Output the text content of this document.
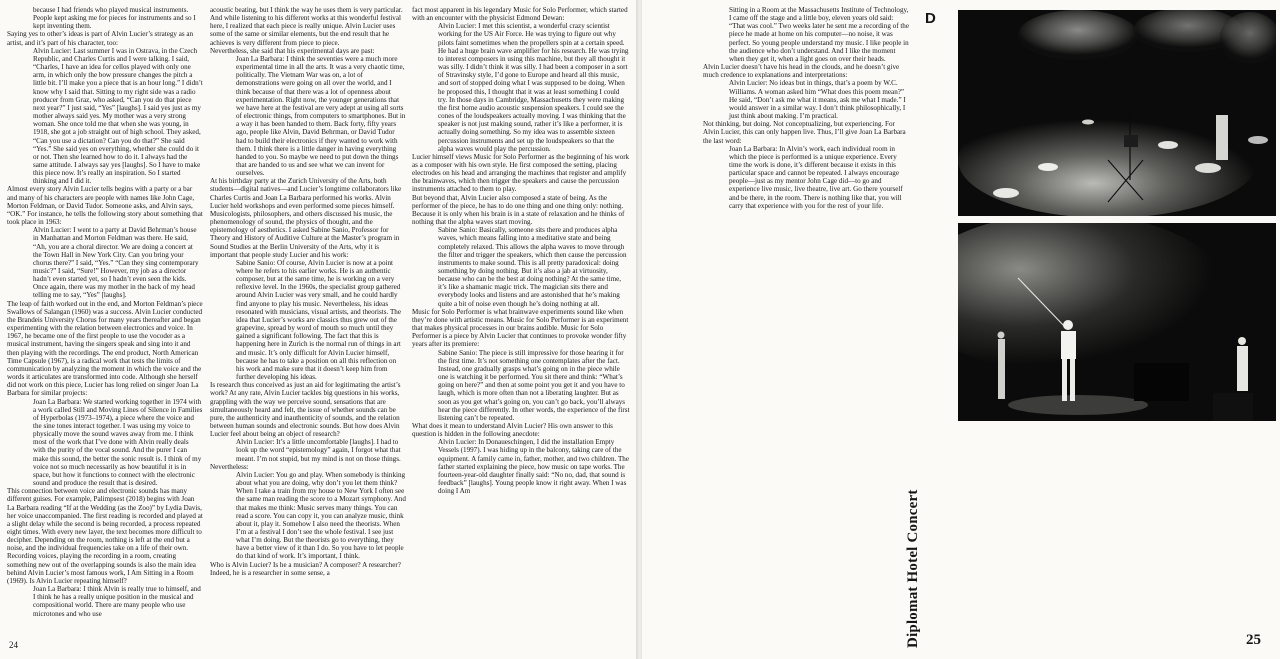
because I had friends who played musical instruments. People kept asking me for pieces for instruments and so I kept inventing them.

Saying yes to other’s ideas is part of Alvin Lucier’s strategy as an artist, and it’s part of his character, too:

Alvin Lucier: Last summer I was in Ostrava, in the Czech Republic, and Charles Curtis and I were talking. I said, “Charles, I have an idea for cellos played with only one arm, in which only the bow pressure changes the pitch a little bit. I’ll make you a piece that is an hour long.” I didn’t know why I said that. Sitting to my right side was a radio producer from Graz, who asked, “Can you do that piece next year?” I just said, “Yes” [laughs]. I said yes just as my mother always said yes. My mother was a very strong woman. She once told me that when she was young, in 1918, she got a job straight out of high school. They asked, “Can you use a dictation? Can you do that?” She said “Yes.” She said yes on everything, whether she could do it or not. Then she learned how to do it. I always had the same attitude. I always say yes [laughs]. So I have to make this piece now. It’s really an inspiration. So I started thinking and I did it.

Almost every story Alvin Lucier tells begins with a party or a bar and many of his characters are people with names like John Cage, Morton Feldman, or David Tudor. Someone asks, and Alvin says, “OK.” For instance, he tells the following story about something that took place in 1963:

Alvin Lucier: I went to a party at David Behrman’s house in Manhattan and Morton Feldman was there. He said, “Ah, you are a choral director. We are doing a concert at the Town Hall in New York City. Can you bring your chorus there?” I said, “Yes.” “Can they sing contemporary music?” I said, “Sure!” However, my job as a director hadn’t even started yet, so I hadn’t even seen the kids. Once again, there was my mother in the back of my head telling me to say, “Yes” [laughs].

The leap of faith worked out in the end, and Morton Feldman’s piece Swallows of Salangan (1960) was a success. Alvin Lucier conducted the Brandeis University Chorus for many years thereafter and began experimenting with the relation between electronics and voice. In 1967, he became one of the first people to use the vocoder as a musical instrument, having the singers speak and sing into it and then playing with the recordings. The end product, North American Time Capsule (1967), is a radical work that tests the limits of communication by analyzing the moment in which the voice and the words it articulates are transformed into code. Although she herself did not work on this piece, Lucier has long relied on singer Joan La Barbara for similar projects:

Joan La Barbara: We started working together in 1974 with a work called Still and Moving Lines of Silence in Families of Hyperbolas (1973–1974), a piece where the voice and the sine tones interact together. I was using my voice to physically move the sound waves away from me. I think most of the work that I’ve done with Alvin really deals with the purity of the vocal sound. And the purer I can make this sound, the better the sonic result is. I think of my voice not so much necessarily as how beautiful it is in space, but how it functions to connect with the electronic sound and produce the result that is desired.

This connection between voice and electronic sounds has many different guises. For example, Palimpsest (2018) begins with Joan La Barbara reading “If at the Wedding (as the Zoo)” by Lydia Davis, her voice unaccompanied. The first reading is recorded and played at a slight delay while the second is being recorded, a process repeated eight times. With every new layer, the text becomes more difficult to decipher. Depending on the room, nothing is left at the end but a noise, and the individual frequencies take on a life of their own.

Recording voices, playing the recording in a room, creating something new out of the overlapping sounds is also the main idea behind Alvin Lucier’s most famous work, I Am Sitting in a Room (1969). Is Alvin Lucier repeating himself?

Joan La Barbara: I think Alvin is really true to himself, and I think he has a really unique position in the musical and compositional world. There are many people who use microtones and who use

acoustic beating, but I think the way he uses them is very particular. And while listening to his different works at this wonderful festival here, I realized that each piece is really unique. Alvin Lucier uses some of the same or similar elements, but the end result that he achieves is very different from piece to piece.

Nevertheless, she said that his experimental days are past:

Joan La Barbara: I think the seventies were a much more experimental time in all the arts. It was a very chaotic time, politically. The Vietnam War was on, a lot of demonstrations were going on all over the world, and I think because of that there was a lot of openness about experimentation. Right now, the younger generations that we have here at the festival are very adept at using all sorts of electronic things, from computers to smartphones. But in a way it has been handed to them. Back forty, fifty years ago, people like Alvin, David Behrman, or David Tudor had to build their electronics if they wanted to work with them. I think there is a little danger in having everything handed to you. So maybe we need to put down the things that are handed to us and see what we can invent for ourselves.

At his birthday party at the Zurich University of the Arts, both students—digital natives—and Lucier’s longtime collaborators like Charles Curtis and Joan La Barbara performed his works. Alvin Lucier held workshops and even performed some pieces himself. Musicologists, philosophers, and others discussed his music, the phenomenology of sound, the physics of thought, and the epistemology of aesthetics. I asked Sabine Sanio, Professor for Theory and History of Auditive Culture at the Master’s program in Sound Studies at the Berlin University of the Arts, why it is important that people study Lucier and his work:

Sabine Sanio: Of course, Alvin Lucier is now at a point where he refers to his earlier works. He is an authentic composer, but at the same time, he is working on a very reflexive level. In the 1960s, the specialist group gathered around Alvin Lucier was very small, and he could hardly find anyone to play his music. Nevertheless, his ideas resonated with musicians, visual artists, and theorists. The idea that Lucier’s works are classics thus grew out of the grapevine, spread by word of mouth so much until they gained a significant following. The fact that this is happening here in Zurich is the normal run of things in art and music. It’s only difficult for Alvin Lucier himself, because he has to take a position on all this reflection on his work and make sure that it doesn’t keep him from further developing his ideas.

Is research thus conceived as just an aid for legitimating the artist’s work? At any rate, Alvin Lucier tackles big questions in his works, grappling with the way we perceive sound, sensations that are simultaneously heard and felt, the issue of whether sounds can be pure, the authenticity and inauthenticity of sounds, and the relation between human sounds and electronic sounds. But how does Alvin Lucier feel about being an object of research?

Alvin Lucier: It’s a little uncomfortable [laughs]. I had to look up the word “epistemology” again, I forgot what that meant. I’m not stupid, but my mind is not on those things.

Nevertheless:

Alvin Lucier: You go and play. When somebody is thinking about what you are doing, why don’t you let them think? When I take a train from my house to New York I often see the same man reading the score to a Mozart symphony. And that makes me think: Music serves many things. You can read a score. You can copy it, you can analyze music, think about it, play it. Somehow I also need the theorists. When I’m at a festival I don’t see the whole festival. I see just what I’m doing. But the theorists go to everything, they have a better view of it than I do. So you have to let people do that kind of work. It’s important, I think.

Who is Alvin Lucier? Is he a musician? A composer? A researcher? Indeed, he is a researcher in some sense, a

fact most apparent in his legendary Music for Solo Performer, which started with an encounter with the physicist Edmond Dewan:

Alvin Lucier: I met this scientist, a wonderful crazy scientist working for the US Air Force. He was trying to figure out why pilots faint sometimes when the propellers spin at a certain speed. He had a huge brain wave amplifier for his research. He was trying to interest composers in using this machine, but they all thought it was silly. I didn’t think it was silly. I had been a composer in a sort of Stravinsky style, I’d gone to Europe and heard all this music, and sort of stopped doing what I was supposed to be doing. When he proposed this, I thought that it was at least something I could try. In those days in Cambridge, Massachusetts they were making the first home audio acoustic suspension speakers. I could see the cones of the loudspeakers actually moving. I was thinking that the speaker is not just making sound, rather it’s like a performer, it is actually doing something. So my idea was to assemble sixteen percussion instruments and set up the loudspeakers so that the alpha waves would play the percussion.

Lucier himself views Music for Solo Performer as the beginning of his work as a composer with his own style. He first composed the setting, placing electrodes on his head and arranging the machines that register and amplify the brainwaves, which then trigger the speakers and cause the percussion instruments attached to them to play.

But beyond that, Alvin Lucier also composed a state of being. As the performer of the piece, he has to do one thing and one thing only: nothing. Because it is only when his brain is in a state of relaxation and he thinks of nothing that the alpha waves start moving.

Sabine Sanio: Basically, someone sits there and produces alpha waves, which means falling into a meditative state and being completely relaxed. This allows the alpha waves to move through the filter and trigger the speakers, which then cause the percussion instruments to make sound. This is all pretty paradoxical: doing something by doing nothing. But it’s also a jab at virtuosity, because who can be the best at doing nothing? At the same time, it’s like a shamanic magic trick. The magician sits there and everybody looks and listens and are astonished that he’s making quite a bit of noise even though he’s doing nothing at all.

Music for Solo Performer is what brainwave experiments sound like when they’re done with artistic means. Music for Solo Performer is an experiment that makes physical processes in our brains audible. Music for Solo Performer is a piece by Alvin Lucier that continues to provoke wonder fifty years after its premiere:

Sabine Sanio: The piece is still impressive for those hearing it for the first time. It’s not something one contemplates after the fact. Instead, one gradually grasps what’s going on in the piece while one is watching it be performed. You sit there and think: “What’s going on here?” and then at some point you get it and you have to laugh, which is more often than not a liberating laughter. But as soon as you get what’s going on, you can’t go back, you’ll always hear the piece differently. In other words, the experience of the first listening can’t be repeated.

What does it mean to understand Alvin Lucier? His own answer to this question is hidden in the following anecdote:

Alvin Lucier: In Donaueschingen, I did the installation Empty Vessels (1997). I was hiding up in the balcony, taking care of the equipment. A family came in, father, mother, and two children. The father started explaining the piece, how music on tape works. The fourteen-year-old daughter finally said: “No no, dad, that sound is feedback” [laughs]. Young people know it right away. When I was doing I Am

24

Sitting in a Room at the Massachusetts Institute of Technology, I came off the stage and a little boy, eleven years old said: “That was cool.” Two weeks later he sent me a recording of the piece he made at home on his computer—no noise, it was perfect. So young people understand my music. I like people in the audience who don’t understand. And I like the moment when they get it, when a light goes on over their heads.

Alvin Lucier doesn’t have his head in the clouds, and he doesn’t give much credence to explanations and interpretations:

Alvin Lucier: No ideas but in things, that’s a poem by W.C. Williams. A woman asked him “What does this poem mean?” He said, “Don’t ask me what it means, ask me what I made.” I would answer in a similar way. I don’t think philosophically, I just think about making. I’m practical.

Not thinking, but doing. Not conceptualizing, but experiencing. For Alvin Lucier, this can only happen live. Thus, I’ll give Joan La Barbara the last word:

Joan La Barbara: In Alvin’s work, each individual room in which the piece is performed is a unique experience. Every time the work is done, it’s different because it exists in this particular space and cannot be repeated. I always encourage people—just as my mentor John Cage did—to go and experience live music, live theatre, live art. Go there yourself and be there, in the room. There is nothing like that, you will carry that experience with you for the rest of your life.

D
Diplomat Hotel Concert	25
